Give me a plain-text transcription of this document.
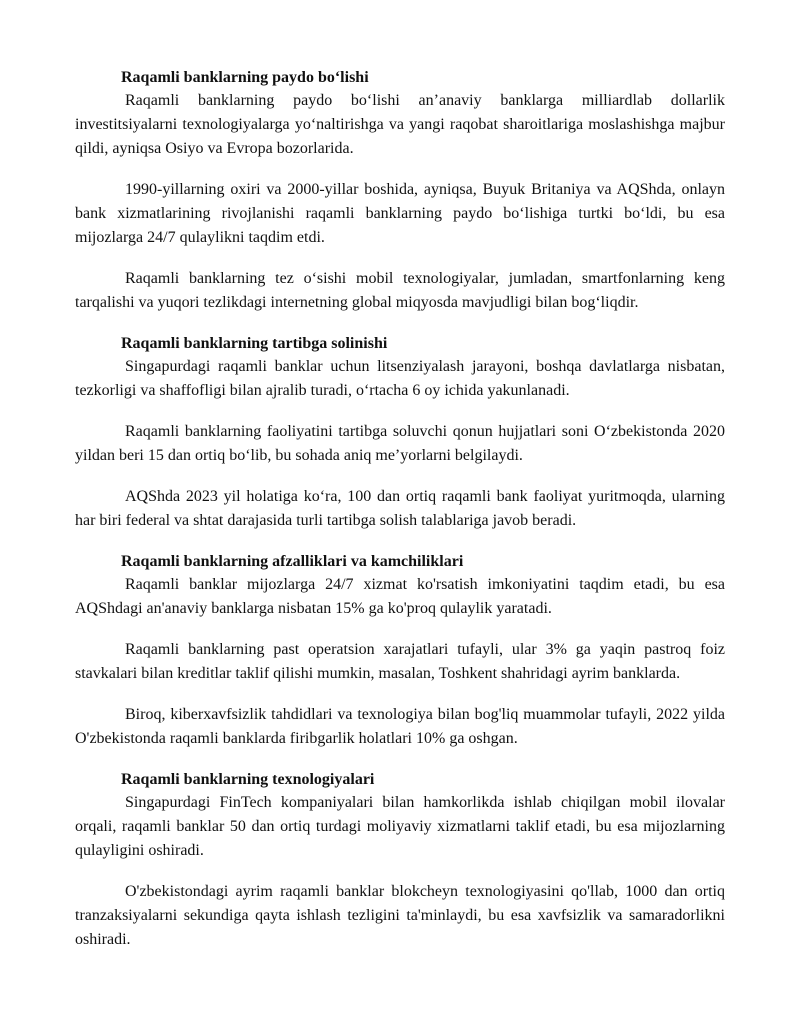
Raqamli banklarning paydo bo‘lishi

Raqamli banklarning paydo bo‘lishi an’anaviy banklarga milliardlab dollarlik investitsiyalarni texnologiyalarga yo‘naltirishga va yangi raqobat sharoitlariga moslashishga majbur qildi, ayniqsa Osiyo va Evropa bozorlarida.

1990-yillarning oxiri va 2000-yillar boshida, ayniqsa, Buyuk Britaniya va AQShda, onlayn bank xizmatlarining rivojlanishi raqamli banklarning paydo bo‘lishiga turtki bo‘ldi, bu esa mijozlarga 24/7 qulaylikni taqdim etdi.

Raqamli banklarning tez o‘sishi mobil texnologiyalar, jumladan, smartfonlarning keng tarqalishi va yuqori tezlikdagi internetning global miqyosda mavjudligi bilan bog‘liqdir.

Raqamli banklarning tartibga solinishi

Singapurdagi raqamli banklar uchun litsenziyalash jarayoni, boshqa davlatlarga nisbatan, tezkorligi va shaffofligi bilan ajralib turadi, o‘rtacha 6 oy ichida yakunlanadi.

Raqamli banklarning faoliyatini tartibga soluvchi qonun hujjatlari soni O‘zbekistonda 2020 yildan beri 15 dan ortiq bo‘lib, bu sohada aniq me’yorlarni belgilaydi.

AQShda 2023 yil holatiga ko‘ra, 100 dan ortiq raqamli bank faoliyat yuritmoqda, ularning har biri federal va shtat darajasida turli tartibga solish talablariga javob beradi.

Raqamli banklarning afzalliklari va kamchiliklari

Raqamli banklar mijozlarga 24/7 xizmat ko'rsatish imkoniyatini taqdim etadi, bu esa AQShdagi an'anaviy banklarga nisbatan 15% ga ko'proq qulaylik yaratadi.

Raqamli banklarning past operatsion xarajatlari tufayli, ular 3% ga yaqin pastroq foiz stavkalari bilan kreditlar taklif qilishi mumkin, masalan, Toshkent shahridagi ayrim banklarda.

Biroq, kiberxavfsizlik tahdidlari va texnologiya bilan bog'liq muammolar tufayli, 2022 yilda O'zbekistonda raqamli banklarda firibgarlik holatlari 10% ga oshgan.

Raqamli banklarning texnologiyalari

Singapurdagi FinTech kompaniyalari bilan hamkorlikda ishlab chiqilgan mobil ilovalar orqali, raqamli banklar 50 dan ortiq turdagi moliyaviy xizmatlarni taklif etadi, bu esa mijozlarning qulayligini oshiradi.

O'zbekistondagi ayrim raqamli banklar blokcheyn texnologiyasini qo'llab, 1000 dan ortiq tranzaksiyalarni sekundiga qayta ishlash tezligini ta'minlaydi, bu esa xavfsizlik va samaradorlikni oshiradi.
